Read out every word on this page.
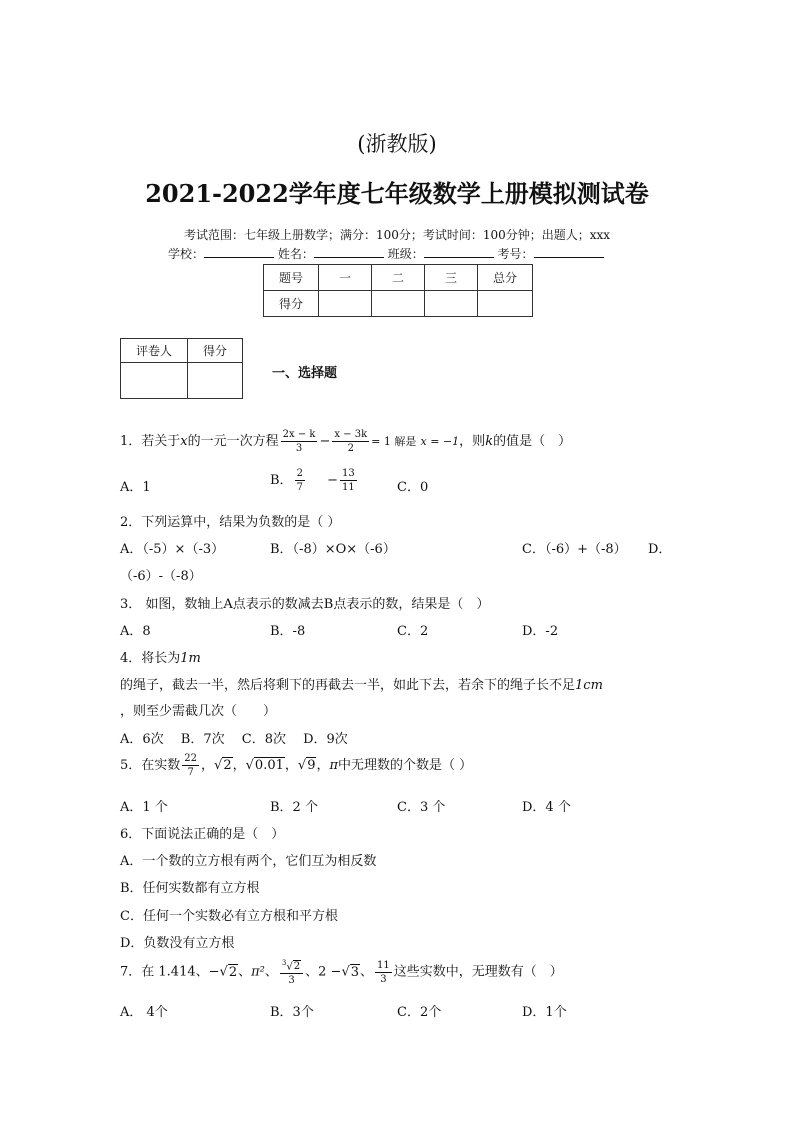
(浙教版)
2021-2022学年度七年级数学上册模拟测试卷
考试范围：七年级上册数学；满分：100分；考试时间：100分钟；出题人；xxx
学校：	姓名：	班级：	考号：
题号	一	二	三	总分
得分				
评卷人	得分

一、选择题
1．若关于x的一元一次方程 $\frac{2x - k}{3} - \frac{x - 3k}{2} = 1$ 解是 x = −1，则k的值是（　）
A．1	B． $\frac{2}{7} - \frac{13}{11}$	C．0
2．下列运算中，结果为负数的是（ ）
A．（-5）×（-3）	B．（-8）×O×（-6）	C．（-6）+（-8） D．
（-6）-（-8）
3． 如图，数轴上A点表示的数减去B点表示的数，结果是（　）
A．8	B．-8	C．2	D．-2
4．将长为1m
的绳子，截去一半，然后将剩下的再截去一半，如此下去，若余下的绳子长不足1cm
，则至少需截几次（　　）
A．6次　 B．7次　 C．8次　 D．9次
5．在实数 $\frac{22}{7}$ ，√2，√0.01，√9，π中无理数的个数是（ ）
A．1 个	B．2 个	C．3 个	D．4 个
6．下面说法正确的是（　）
A．一个数的立方根有两个，它们互为相反数
B．任何实数都有立方根
C．任何一个实数必有立方根和平方根
D．负数没有立方根
7．在 1.414、−√2、π²、 $\frac{^3√2}{3}$ 、2 −√3、 $\frac{11}{3}$ 这些实数中，无理数有（　）
A． 4个	B．3个	C．2个	D．1个
